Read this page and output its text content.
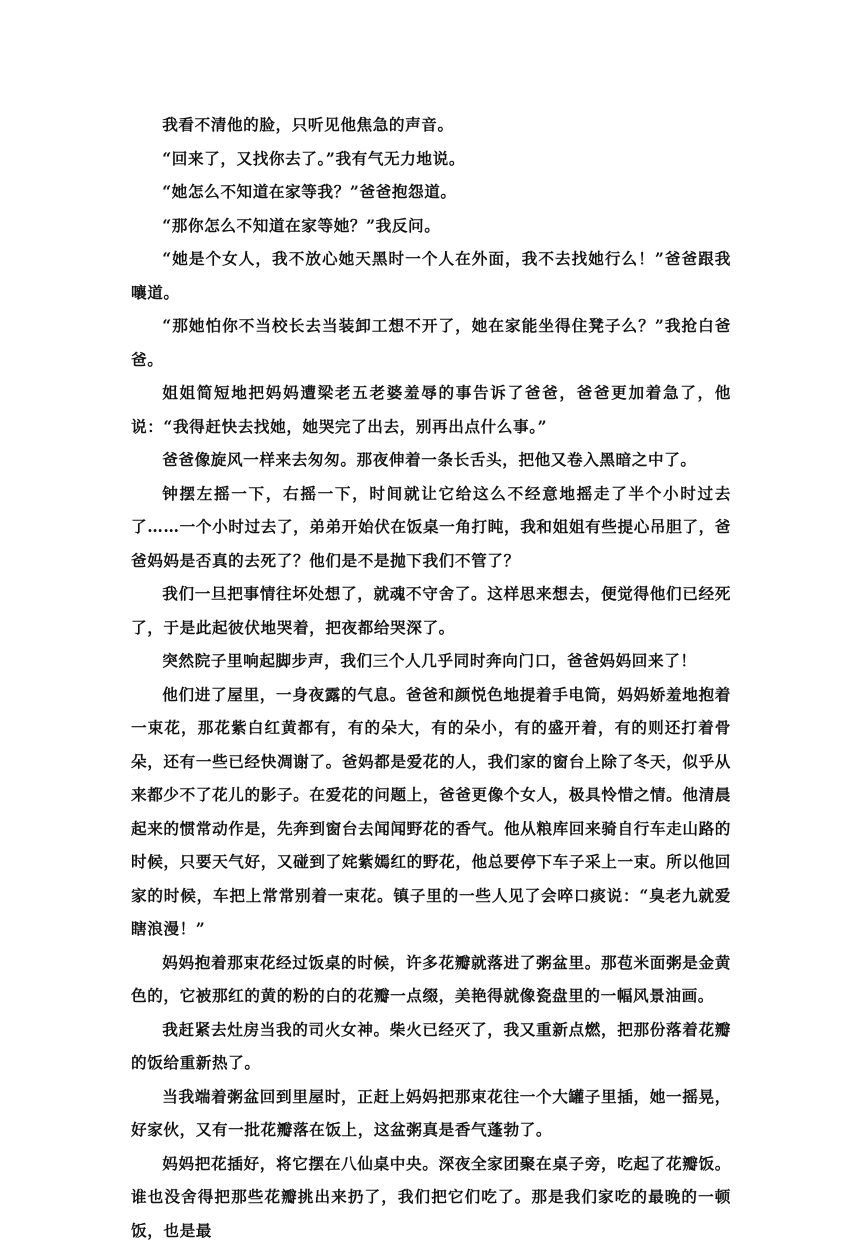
我看不清他的脸，只听见他焦急的声音。

“回来了，又找你去了。”我有气无力地说。

“她怎么不知道在家等我？”爸爸抱怨道。

“那你怎么不知道在家等她？”我反问。

“她是个女人，我不放心她天黑时一个人在外面，我不去找她行么！”爸爸跟我嚷道。

“那她怕你不当校长去当装卸工想不开了，她在家能坐得住凳子么？”我抢白爸爸。

姐姐简短地把妈妈遭梁老五老婆羞辱的事告诉了爸爸，爸爸更加着急了，他说：“我得赶快去找她，她哭完了出去，别再出点什么事。”

爸爸像旋风一样来去匆匆。那夜伸着一条长舌头，把他又卷入黑暗之中了。

钟摆左摇一下，右摇一下，时间就让它给这么不经意地摇走了半个小时过去了……一个小时过去了，弟弟开始伏在饭桌一角打盹，我和姐姐有些提心吊胆了，爸爸妈妈是否真的去死了？他们是不是抛下我们不管了？

我们一旦把事情往坏处想了，就魂不守舍了。这样思来想去，便觉得他们已经死了，于是此起彼伏地哭着，把夜都给哭深了。

突然院子里响起脚步声，我们三个人几乎同时奔向门口，爸爸妈妈回来了！

他们进了屋里，一身夜露的气息。爸爸和颜悦色地提着手电筒，妈妈娇羞地抱着一束花，那花紫白红黄都有，有的朵大，有的朵小，有的盛开着，有的则还打着骨朵，还有一些已经快凋谢了。爸妈都是爱花的人，我们家的窗台上除了冬天，似乎从来都少不了花儿的影子。在爱花的问题上，爸爸更像个女人，极具怜惜之情。他清晨起来的惯常动作是，先奔到窗台去闻闻野花的香气。他从粮库回来骑自行车走山路的时候，只要天气好，又碰到了姹紫嫣红的野花，他总要停下车子采上一束。所以他回家的时候，车把上常常别着一束花。镇子里的一些人见了会啐口痰说：“臭老九就爱瞎浪漫！”

妈妈抱着那束花经过饭桌的时候，许多花瓣就落进了粥盆里。那苞米面粥是金黄色的，它被那红的黄的粉的白的花瓣一点缀，美艳得就像瓷盘里的一幅风景油画。

我赶紧去灶房当我的司火女神。柴火已经灭了，我又重新点燃，把那份落着花瓣的饭给重新热了。

当我端着粥盆回到里屋时，正赶上妈妈把那束花往一个大罐子里插，她一摇晃，好家伙，又有一批花瓣落在饭上，这盆粥真是香气蓬勃了。

妈妈把花插好，将它摆在八仙桌中央。深夜全家团聚在桌子旁，吃起了花瓣饭。谁也没舍得把那些花瓣挑出来扔了，我们把它们吃了。那是我们家吃的最晚的一顿饭，也是最
